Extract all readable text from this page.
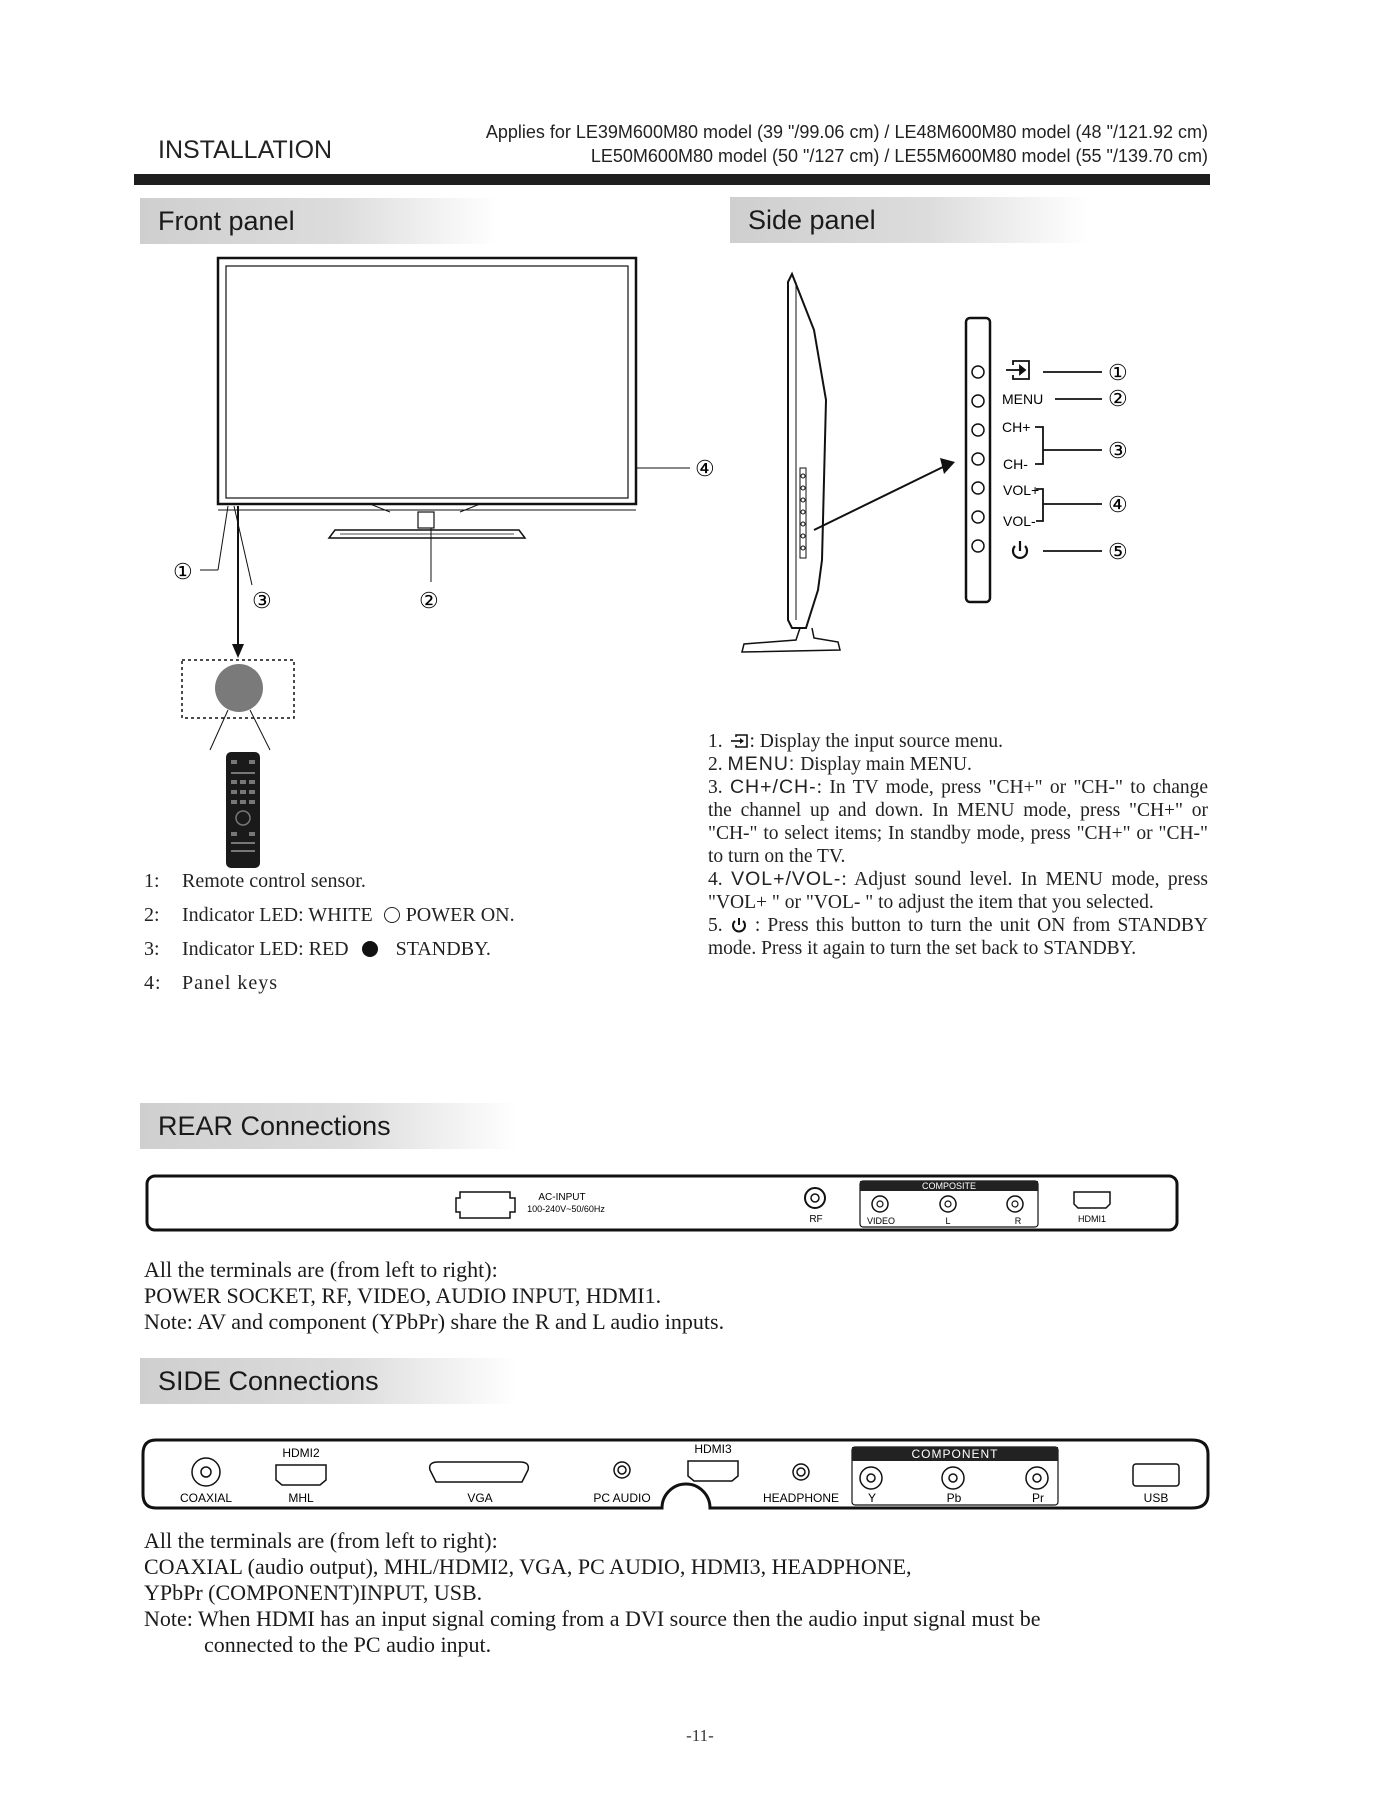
INSTALLATION
Applies for LE39M600M80 model (39 "/99.06 cm) / LE48M600M80 model (48 "/121.92 cm)
LE50M600M80 model (50 "/127 cm) / LE55M600M80 model (55 "/139.70 cm)
Front panel
④
②
①
③
1: Remote control sensor.
2: Indicator LED: WHITE POWER ON.
3: Indicator LED: RED STANDBY.
4: Panel keys
Side panel
①
MENU	②
CH+
CH-
③
VOL+
VOL-
④
⑤

1. : Display the input source menu.

2. MENU: Display main MENU.

3. CH+/CH-: In TV mode, press "CH+" or "CH-" to change the channel up and down. In MENU mode, press "CH+" or "CH-" to select items; In standby mode, press "CH+" or "CH-" to turn on the TV.

4. VOL+/VOL-: Adjust sound level. In MENU mode, press "VOL+ " or "VOL- " to adjust the item that you selected.

5.  : Press this button to turn the unit ON from STANDBY mode. Press it again to turn the set back to STANDBY.

REAR Connections
AC-INPUT
100-240V~50/60Hz
RF
COMPOSITE
VIDEO	L	R	HDMI1

All the terminals are (from left to right):

POWER SOCKET, RF, VIDEO, AUDIO INPUT, HDMI1.

Note: AV and component (YPbPr) share the R and L audio inputs.

SIDE Connections
COAXIAL
HDMI2
MHL	VGA	PC AUDIO
HDMI3
HEADPHONE
COMPONENT
Y	Pb	Pr	USB

All the terminals are (from left to right):

COAXIAL (audio output), MHL/HDMI2, VGA, PC AUDIO, HDMI3, HEADPHONE,

YPbPr (COMPONENT)INPUT, USB.

Note: When HDMI has an input signal coming from a DVI source then the audio input signal must be

connected to the PC audio input.

-11-
